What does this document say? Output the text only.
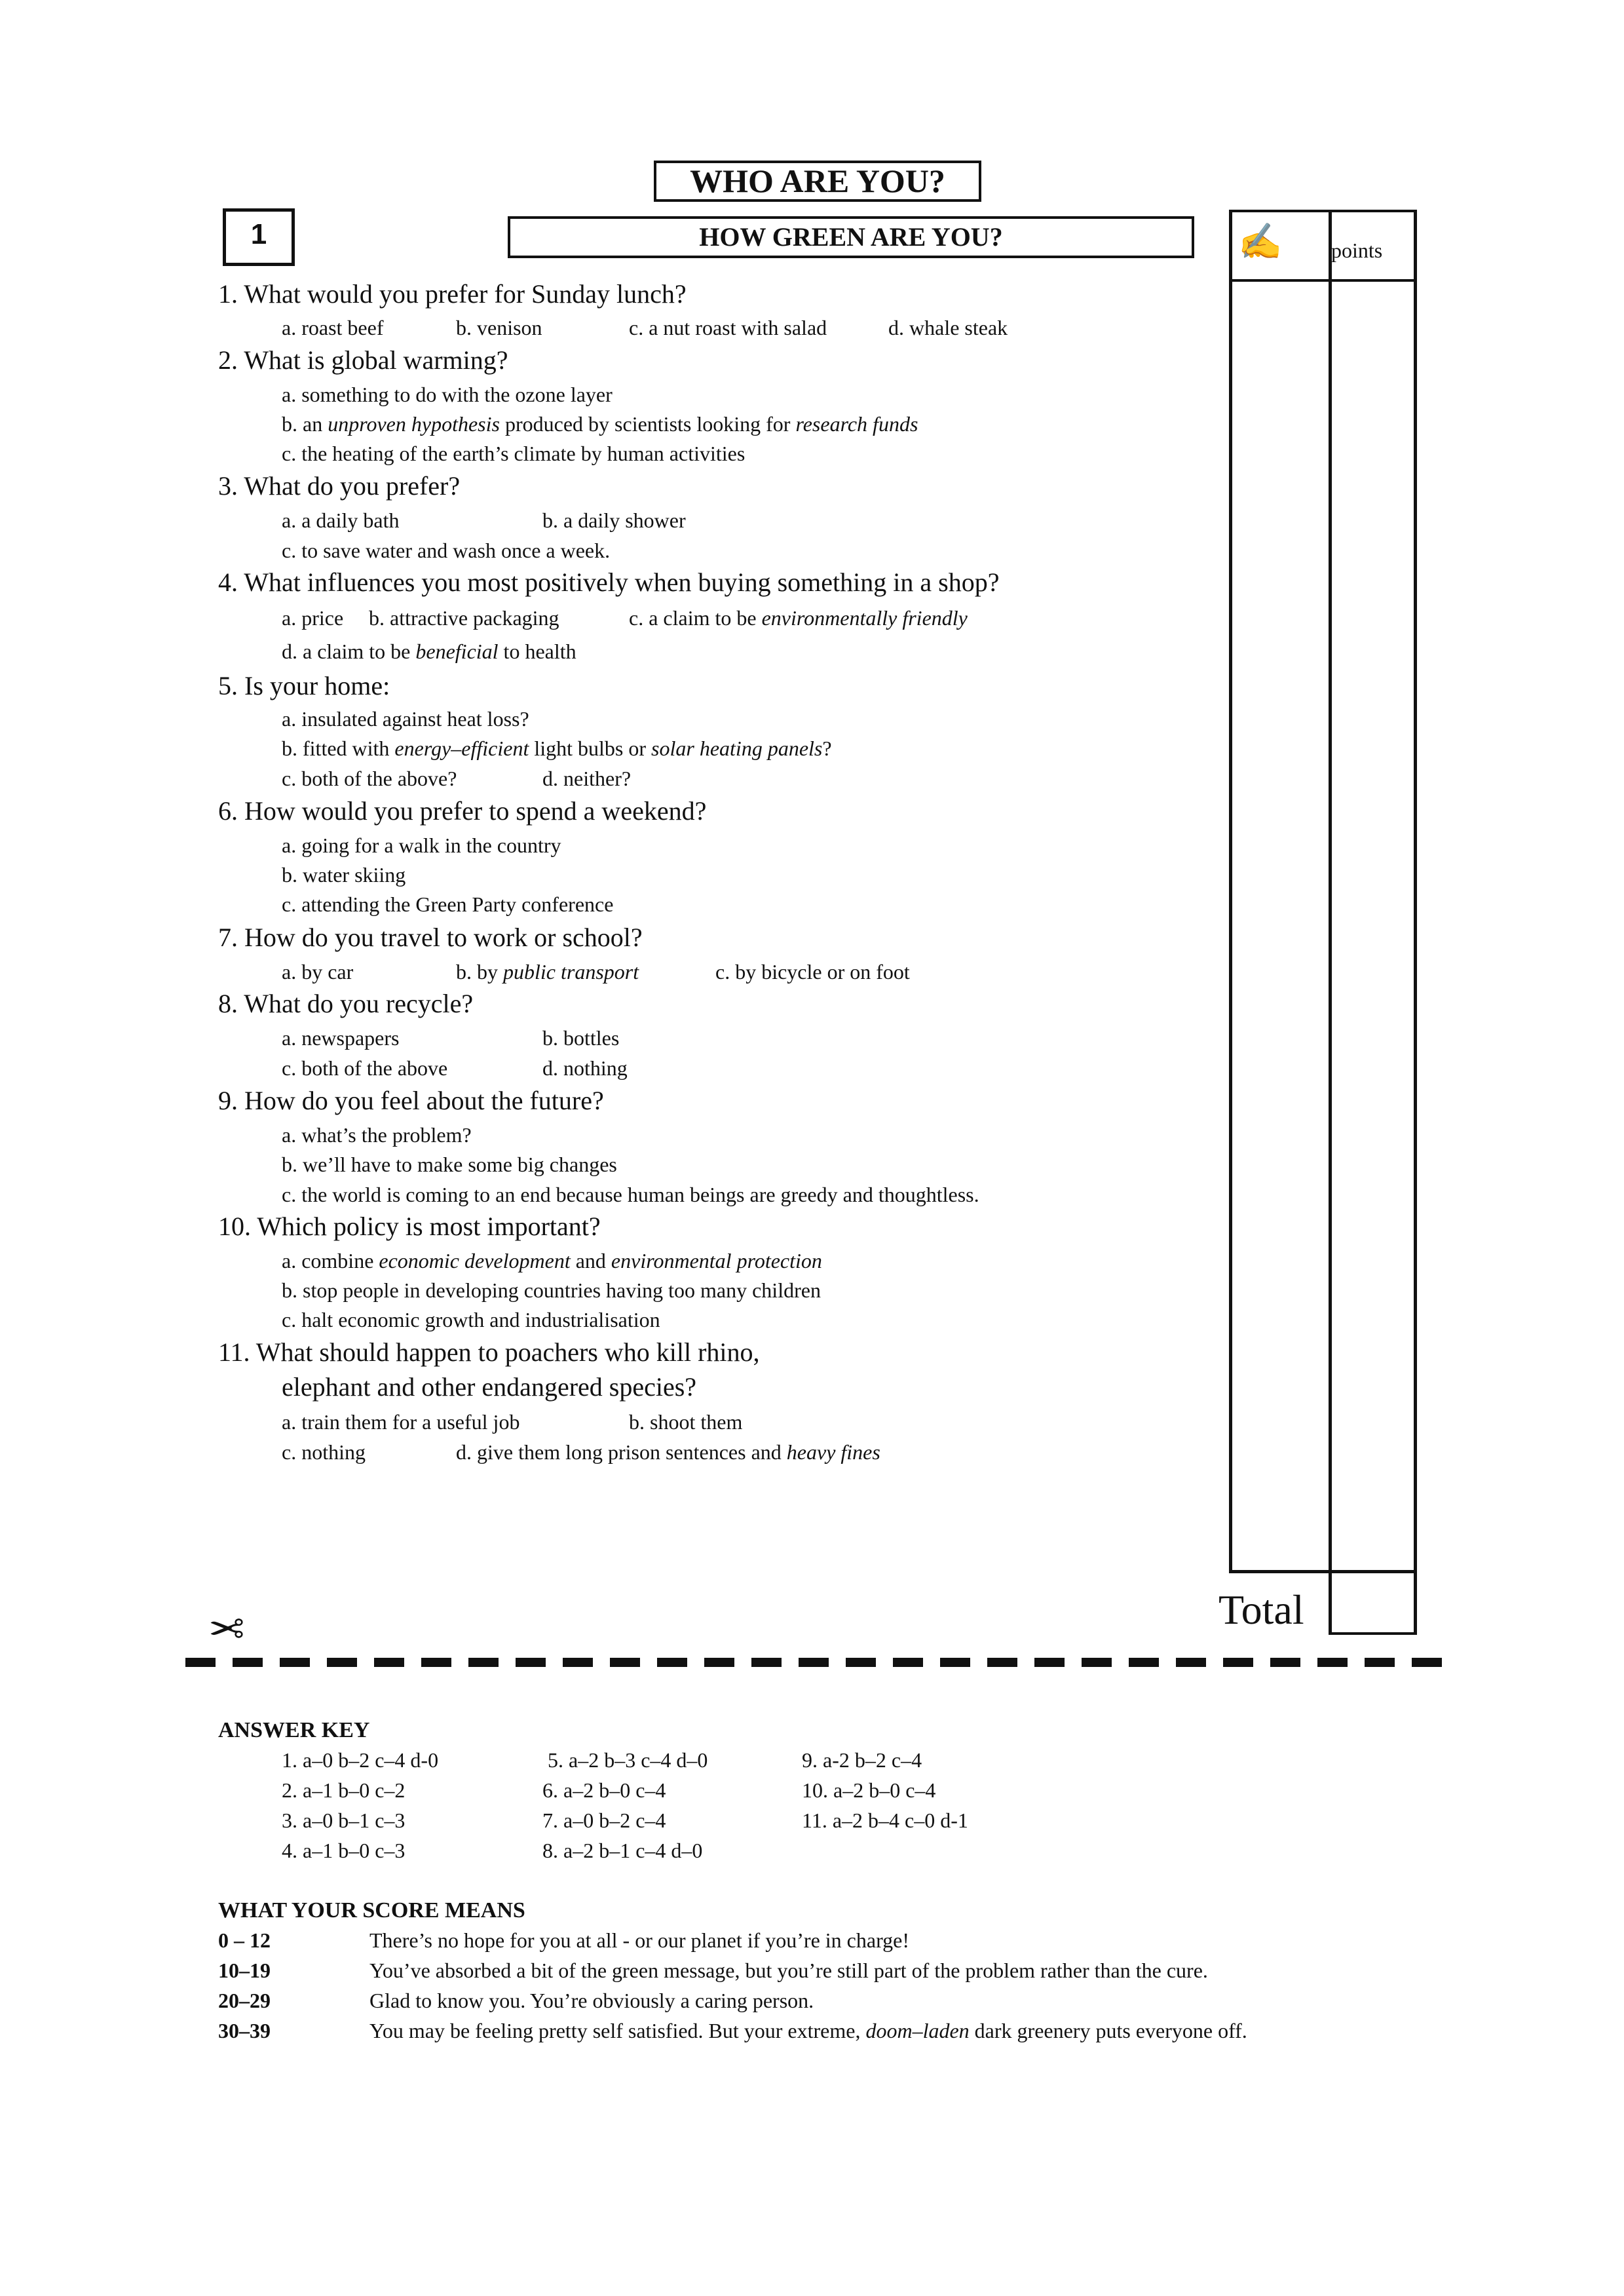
WHO ARE YOU?
1	HOW GREEN ARE YOU?	✍ points
Total
1. What would you prefer for Sunday lunch?
a. roast beef	b. venison	c. a nut roast with salad	d. whale steak
2. What is global warming?
a. something to do with the ozone layer
b. an unproven hypothesis produced by scientists looking for research funds
c. the heating of the earth’s climate by human activities
3. What do you prefer?
a. a daily bath	b. a daily shower
c. to save water and wash once a week.
4. What influences you most positively when buying something in a shop?
a. price b. attractive packaging	c. a claim to be environmentally friendly
d. a claim to be beneficial to health
5. Is your home:
a. insulated against heat loss?
b. fitted with energy–efficient light bulbs or solar heating panels?
c. both of the above?	d. neither?
6. How would you prefer to spend a weekend?
a. going for a walk in the country
b. water skiing
c. attending the Green Party conference
7. How do you travel to work or school?
a. by car	b. by public transport	c. by bicycle or on foot
8. What do you recycle?
a. newspapers	b. bottles
c. both of the above	d. nothing
9. How do you feel about the future?
a. what’s the problem?
b. we’ll have to make some big changes
c. the world is coming to an end because human beings are greedy and thoughtless.
10. Which policy is most important?
a. combine economic development and environmental protection
b. stop people in developing countries having too many children
c. halt economic growth and industrialisation
11. What should happen to poachers who kill rhino,
elephant and other endangered species?
a. train them for a useful job	b. shoot them
c. nothing	d. give them long prison sentences and heavy fines
✂
ANSWER KEY
1. a–0 b–2 c–4 d-0
2. a–1 b–0 c–2
3. a–0 b–1 c–3
4. a–1 b–0 c–3
5. a–2 b–3 c–4 d–0
6. a–2 b–0 c–4
7. a–0 b–2 c–4
8. a–2 b–1 c–4 d–0
9. a-2 b–2 c–4
10. a–2 b–0 c–4
11. a–2 b–4 c–0 d-1
WHAT YOUR SCORE MEANS
0 – 12	There’s no hope for you at all - or our planet if you’re in charge!
10–19	You’ve absorbed a bit of the green message, but you’re still part of the problem rather than the cure.
20–29	Glad to know you. You’re obviously a caring person.
30–39	You may be feeling pretty self satisfied. But your extreme, doom–laden dark greenery puts everyone off.
